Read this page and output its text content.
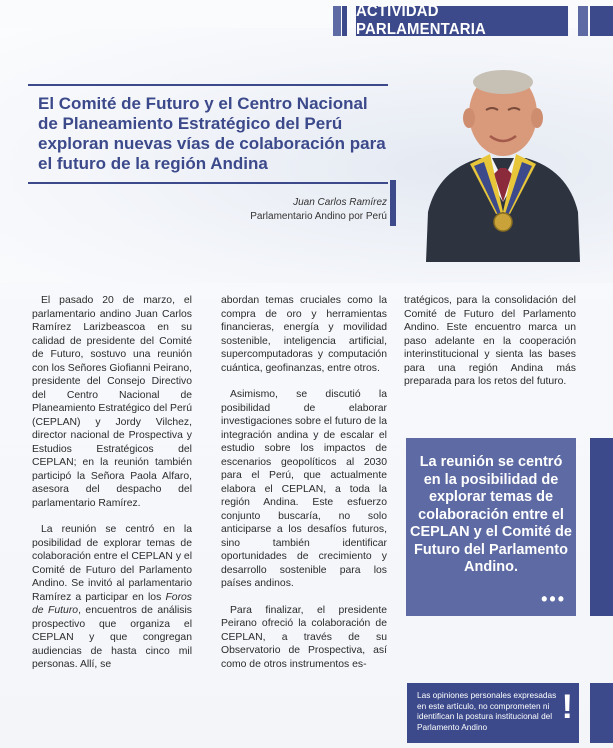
ACTIVIDAD PARLAMENTARIA
El Comité de Futuro y el Centro Nacional de Planeamiento Estratégico del Perú exploran nuevas vías de colaboración para el futuro de la región Andina
Juan Carlos Ramírez
Parlamentario Andino por Perú

El pasado 20 de marzo, el parlamentario andino Juan Carlos Ramírez Larizbeascoa en su calidad de presidente del Comité de Futuro, sostuvo una reunión con los Señores Giofianni Peirano, presidente del Consejo Directivo del Centro Nacional de Planeamiento Estratégico del Perú (CEPLAN) y Jordy Vilchez, director nacional de Prospectiva y Estudios Estratégicos del CEPLAN; en la reunión también participó la Señora Paola Alfaro, asesora del despacho del parlamentario Ramírez.

La reunión se centró en la posibilidad de explorar temas de colaboración entre el CEPLAN y el Comité de Futuro del Parlamento Andino. Se invitó al parlamentario Ramírez a participar en los Foros de Futuro, encuentros de análisis prospectivo que organiza el CEPLAN y que congregan audiencias de hasta cinco mil personas. Allí, se

abordan temas cruciales como la compra de oro y herramientas financieras, energía y movilidad sostenible, inteligencia artificial, supercomputadoras y computación cuántica, geofinanzas, entre otros.

Asimismo, se discutió la posibilidad de elaborar investigaciones sobre el futuro de la integración andina y de escalar el estudio sobre los impactos de escenarios geopolíticos al 2030 para el Perú, que actualmente elabora el CEPLAN, a toda la región Andina. Este esfuerzo conjunto buscaría, no solo anticiparse a los desafíos futuros, sino también identificar oportunidades de crecimiento y desarrollo sostenible para los países andinos.

Para finalizar, el presidente Peirano ofreció la colaboración de CEPLAN, a través de su Observatorio de Prospectiva, así como de otros instrumentos es-

tratégicos, para la consolidación del Comité de Futuro del Parlamento Andino. Este encuentro marca un paso adelante en la cooperación interinstitucional y sienta las bases para una región Andina más preparada para los retos del futuro.

La reunión se centró en la posibilidad de explorar temas de colaboración entre el CEPLAN y el Comité de Futuro del Parlamento Andino.
•••
Las opiniones personales expresadas en este artículo, no comprometen ni identifican la postura institucional del Parlamento Andino
!
